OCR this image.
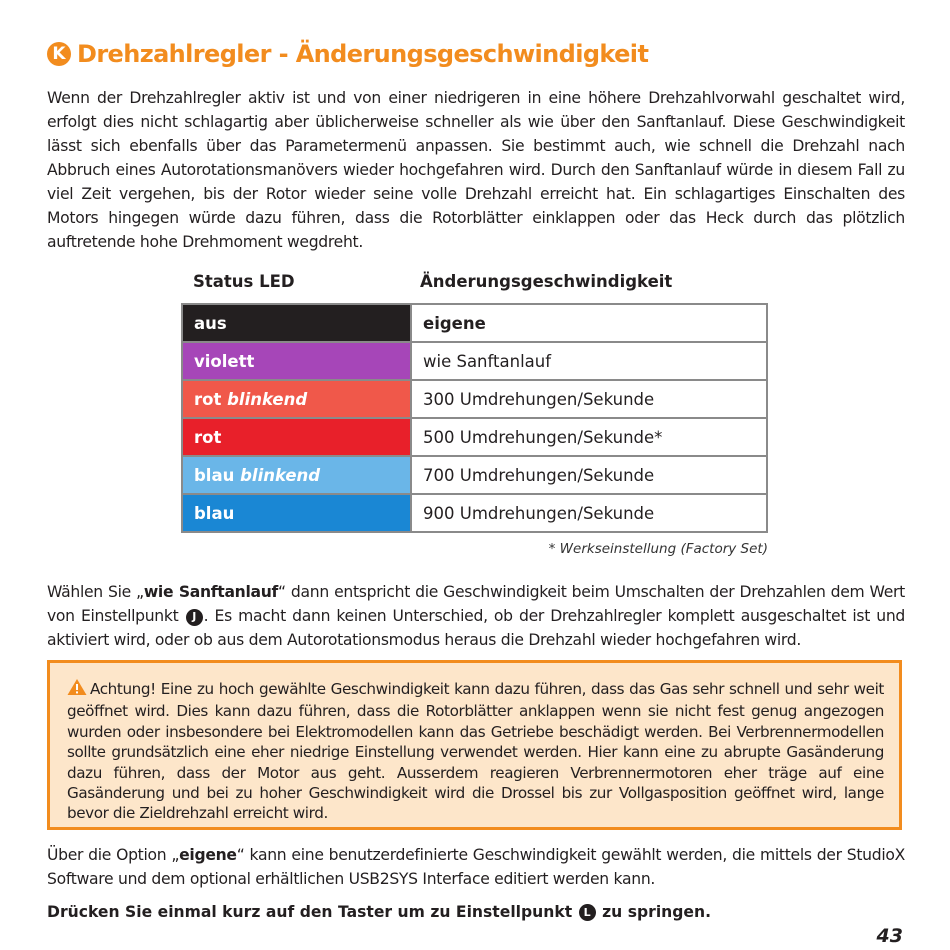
K Drehzahlregler - Änderungsgeschwindigkeit

Wenn der Drehzahlregler aktiv ist und von einer niedrigeren in eine höhere Drehzahlvorwahl geschaltet wird, erfolgt dies nicht schlagartig aber üblicherweise schneller als wie über den Sanftanlauf. Diese Geschwindigkeit lässt sich ebenfalls über das Parametermenü anpassen. Sie bestimmt auch, wie schnell die Drehzahl nach Abbruch eines Autorotationsmanövers wieder hochgefahren wird. Durch den Sanftanlauf würde in diesem Fall zu viel Zeit vergehen, bis der Rotor wieder seine volle Drehzahl erreicht hat. Ein schlagartiges Einschalten des Motors hingegen würde dazu führen, dass die Rotorblätter einklappen oder das Heck durch das plötzlich auftretende hohe Drehmoment wegdreht.

Status LED	Änderungsgeschwindigkeit
aus	eigene
violett	wie Sanftanlauf
rot blinkend	300 Umdrehungen/Sekunde
rot	500 Umdrehungen/Sekunde*
blau blinkend	700 Umdrehungen/Sekunde
blau	900 Umdrehungen/Sekunde
* Werkseinstellung (Factory Set)

Wählen Sie „wie Sanftanlauf“ dann entspricht die Geschwindigkeit beim Umschalten der Drehzahlen dem Wert von Einstellpunkt J . Es macht dann keinen Unterschied, ob der Drehzahlregler komplett ausgeschaltet ist und aktiviert wird, oder ob aus dem Autorotationsmodus heraus die Drehzahl wieder hochgefahren wird.

Achtung! Eine zu hoch gewählte Geschwindigkeit kann dazu führen, dass das Gas sehr schnell und sehr weit geöffnet wird. Dies kann dazu führen, dass die Rotorblätter anklappen wenn sie nicht fest genug angezogen wurden oder insbesondere bei Elektromodellen kann das Getriebe beschädigt werden. Bei Verbrennermodellen sollte grundsätzlich eine eher niedrige Einstellung verwendet werden. Hier kann eine zu abrupte Gasänderung dazu führen, dass der Motor aus geht. Ausserdem reagieren Verbrennermotoren eher träge auf eine Gasänderung und bei zu hoher Geschwindigkeit wird die Drossel bis zur Vollgasposition geöffnet wird, lange bevor die Zieldrehzahl erreicht wird.

Über die Option „eigene“ kann eine benutzerdefinierte Geschwindigkeit gewählt werden, die mittels der StudioX Software und dem optional erhältlichen USB2SYS Interface editiert werden kann.

Drücken Sie einmal kurz auf den Taster um zu Einstellpunkt L zu springen.
43
